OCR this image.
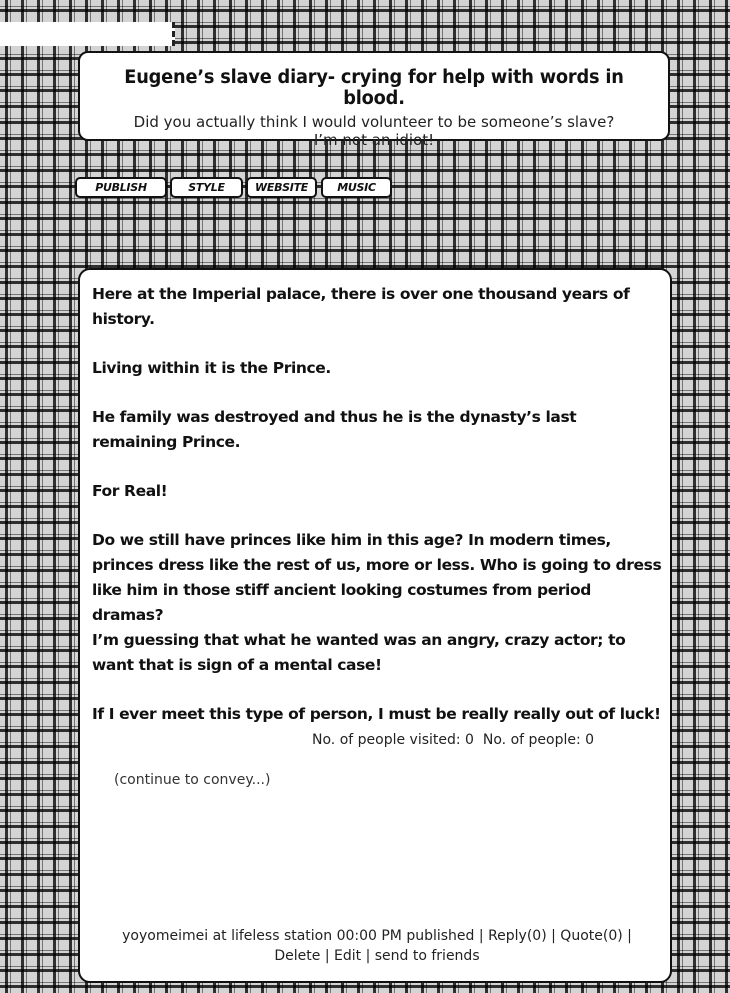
Eugene’s slave diary- crying for help with words in blood.
Did you actually think I would volunteer to be someone’s slave?
I’m not an idiot!
PUBLISH	STYLE	WEBSITE	MUSIC

Here at the Imperial palace, there is over one thousand years of history.

Living within it is the Prince.

He family was destroyed and thus he is the dynasty’s last remaining Prince.

For Real!

Do we still have princes like him in this age? In modern times, princes dress like the rest of us, more or less. Who is going to dress like him in those stiff ancient looking costumes from period dramas?

I’m guessing that what he wanted was an angry, crazy actor; to want that is sign of a mental case!

If I ever meet this type of person, I must be really really out of luck!

No. of people visited: 0 No. of people: 0
(continue to convey...)
yoyomeimei at lifeless station 00:00 PM published | Reply(0) | Quote(0) |
Delete | Edit | send to friends
